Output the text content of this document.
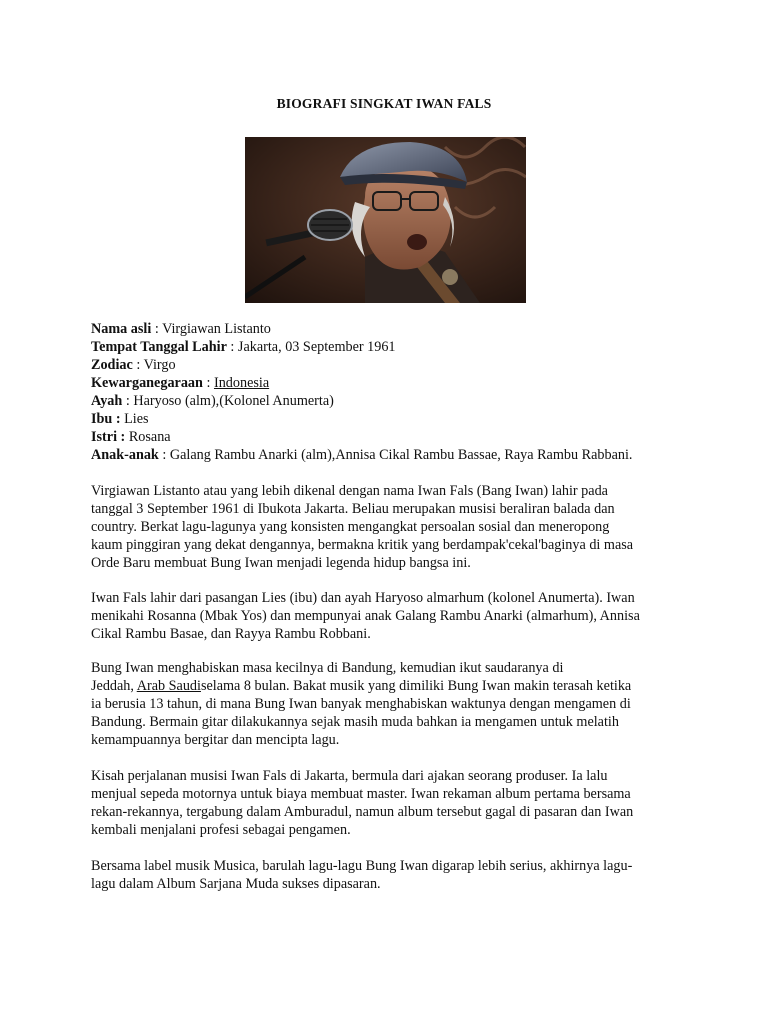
BIOGRAFI SINGKAT IWAN FALS
Nama asli : Virgiawan Listanto
Tempat Tanggal Lahir : Jakarta, 03 September 1961
Zodiac : Virgo
Kewarganegaraan : Indonesia
Ayah : Haryoso (alm),(Kolonel Anumerta)
Ibu : Lies
Istri : Rosana
Anak-anak : Galang Rambu Anarki (alm),Annisa Cikal Rambu Bassae, Raya Rambu Rabbani.
Virgiawan Listanto atau yang lebih dikenal dengan nama Iwan Fals (Bang Iwan) lahir pada
tanggal 3 September 1961 di Ibukota Jakarta. Beliau merupakan musisi beraliran balada dan
country. Berkat lagu-lagunya yang konsisten mengangkat persoalan sosial dan meneropong
kaum pinggiran yang dekat dengannya, bermakna kritik yang berdampak'cekal'baginya di masa
Orde Baru membuat Bung Iwan menjadi legenda hidup bangsa ini.
Iwan Fals lahir dari pasangan Lies (ibu) dan ayah Haryoso almarhum (kolonel Anumerta). Iwan
menikahi Rosanna (Mbak Yos) dan mempunyai anak Galang Rambu Anarki (almarhum), Annisa
Cikal Rambu Basae, dan Rayya Rambu Robbani.
Bung Iwan menghabiskan masa kecilnya di Bandung, kemudian ikut saudaranya di
Jeddah, Arab Saudiselama 8 bulan. Bakat musik yang dimiliki Bung Iwan makin terasah ketika
ia berusia 13 tahun, di mana Bung Iwan banyak menghabiskan waktunya dengan mengamen di
Bandung. Bermain gitar dilakukannya sejak masih muda bahkan ia mengamen untuk melatih
kemampuannya bergitar dan mencipta lagu.
Kisah perjalanan musisi Iwan Fals di Jakarta, bermula dari ajakan seorang produser. Ia lalu
menjual sepeda motornya untuk biaya membuat master. Iwan rekaman album pertama bersama
rekan-rekannya, tergabung dalam Amburadul, namun album tersebut gagal di pasaran dan Iwan
kembali menjalani profesi sebagai pengamen.
Bersama label musik Musica, barulah lagu-lagu Bung Iwan digarap lebih serius, akhirnya lagu-
lagu dalam Album Sarjana Muda sukses dipasaran.
